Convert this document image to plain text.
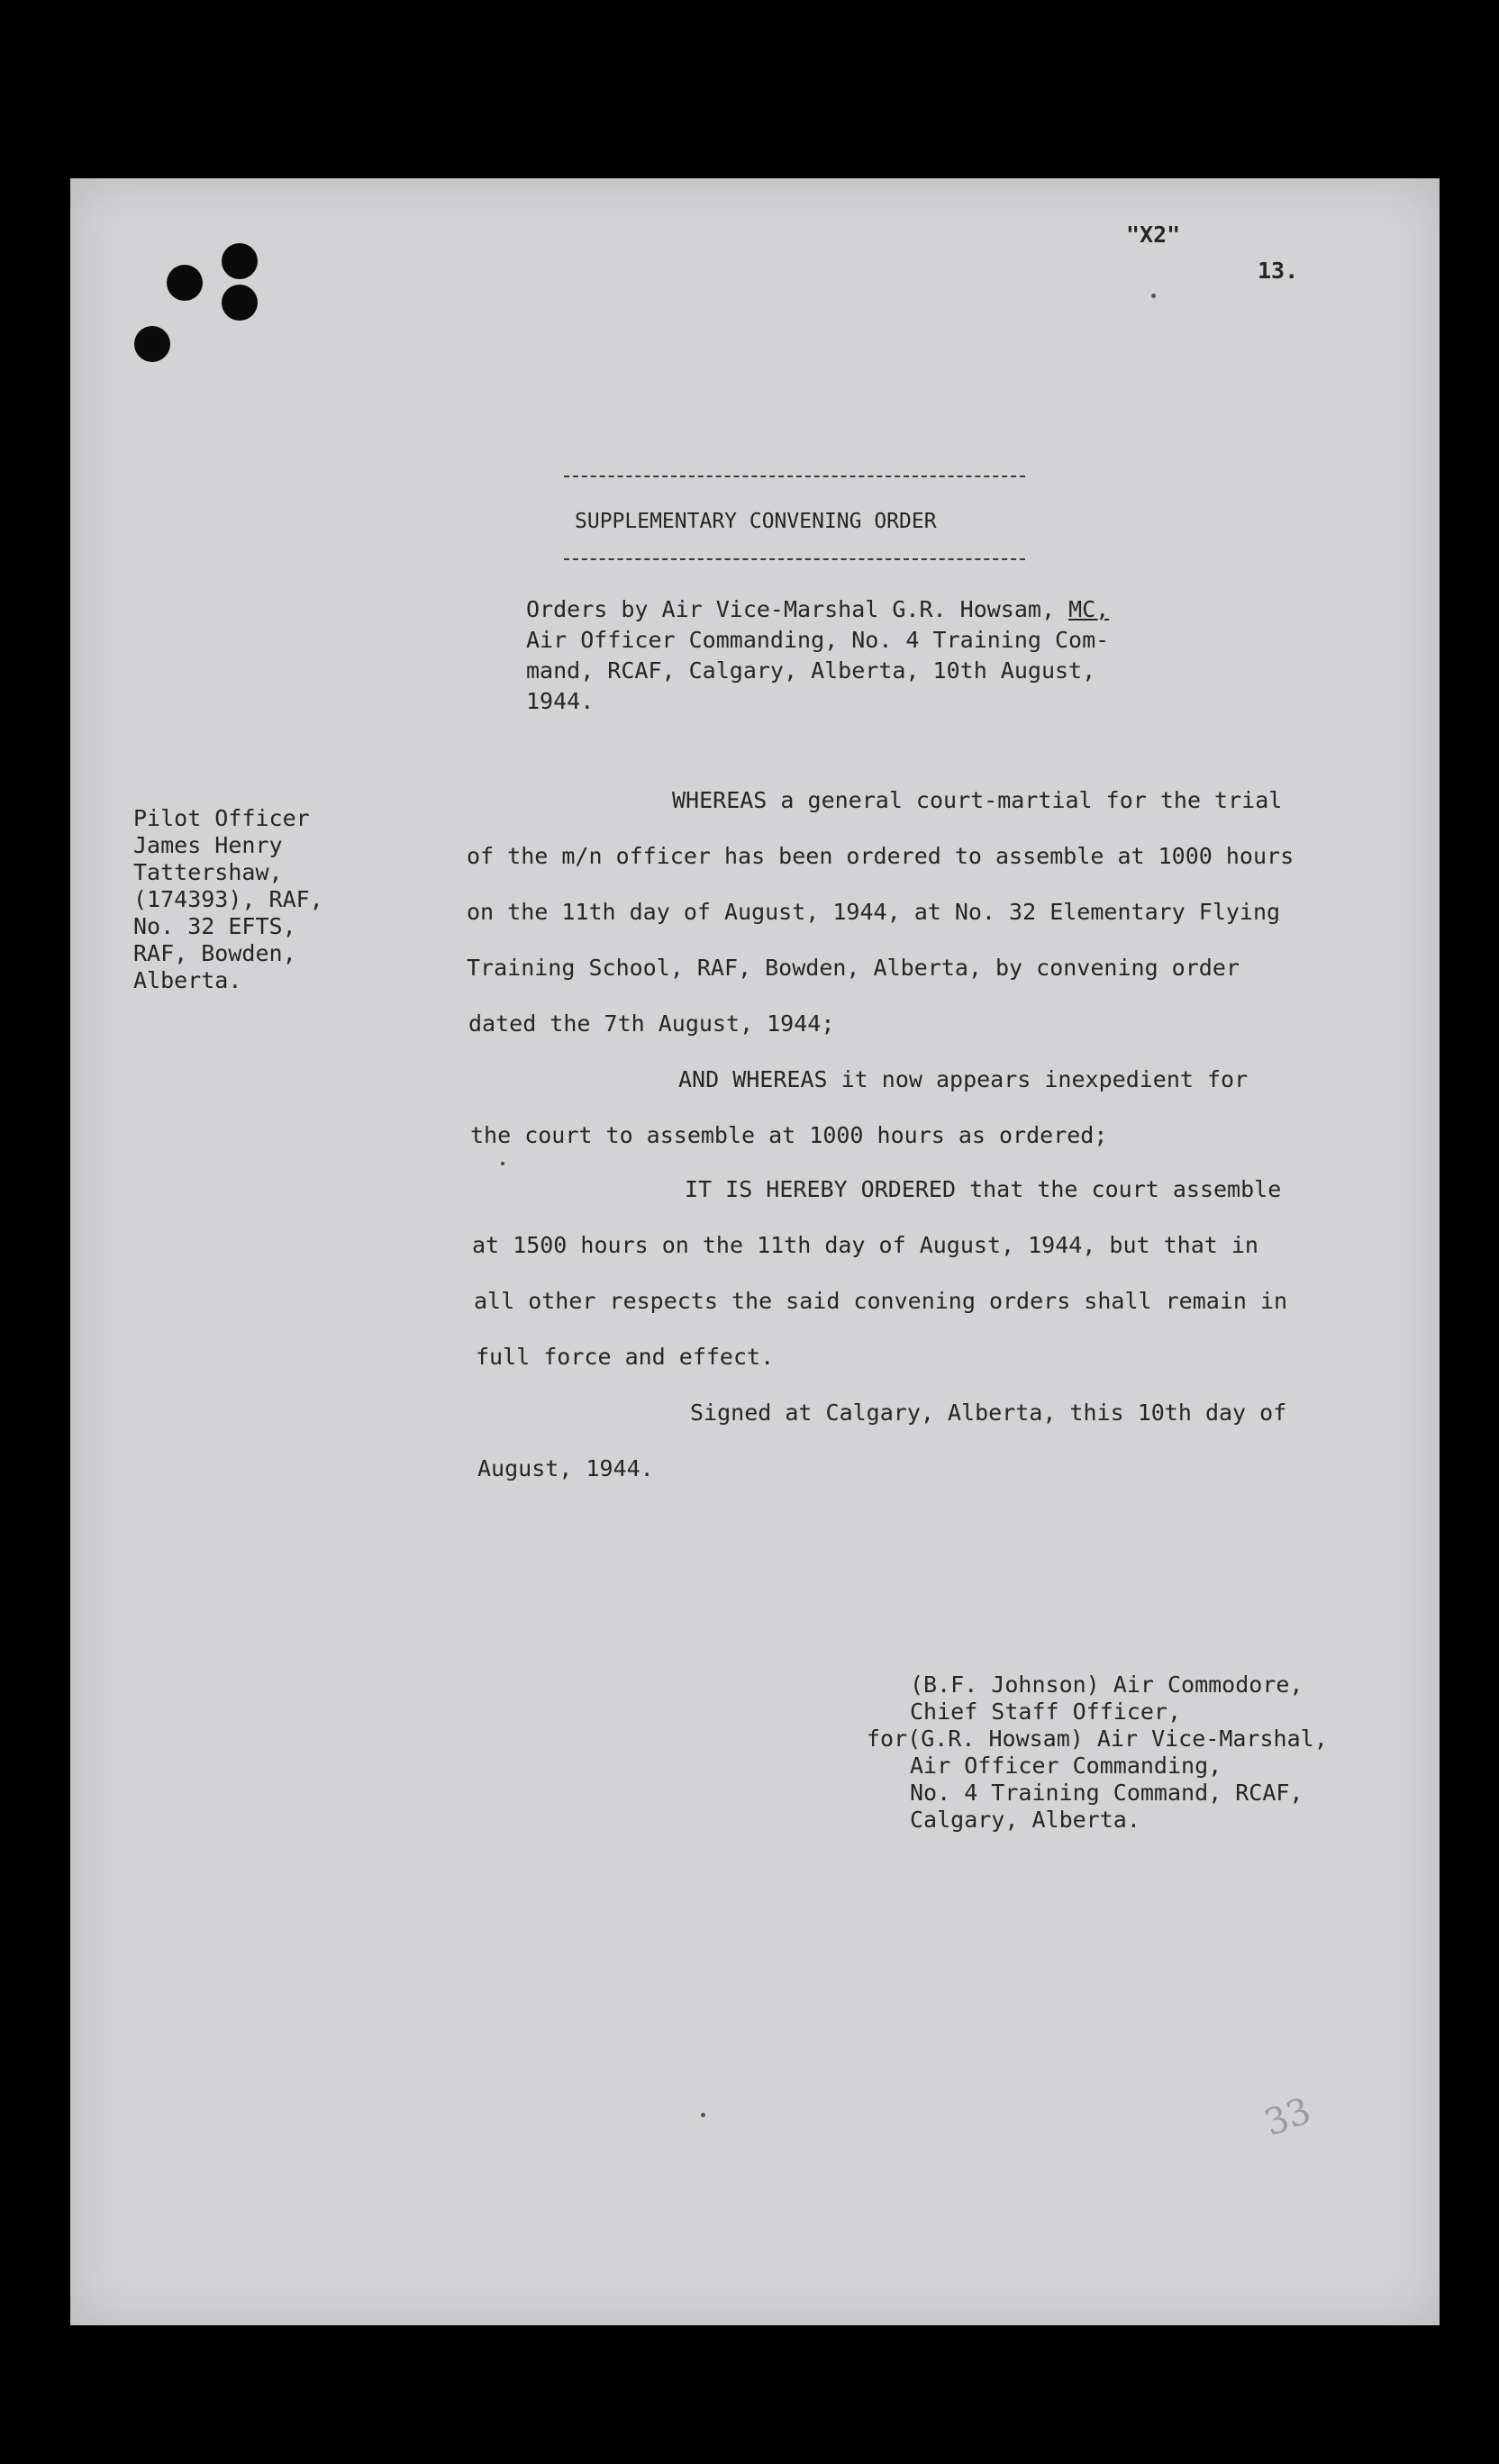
"X2"
13.
SUPPLEMENTARY CONVENING ORDER
Orders by Air Vice-Marshal G.R. Howsam, MC,
Air Officer Commanding, No. 4 Training Com-
mand, RCAF, Calgary, Alberta, 10th August,
1944.
Pilot Officer
James Henry
Tattershaw,
(174393), RAF,
No. 32 EFTS,
RAF, Bowden,
Alberta.
WHEREAS a general court-martial for the trial
of the m/n officer has been ordered to assemble at 1000 hours
on the 11th day of August, 1944, at No. 32 Elementary Flying
Training School, RAF, Bowden, Alberta, by convening order
dated the 7th August, 1944;
AND WHEREAS it now appears inexpedient for
the court to assemble at 1000 hours as ordered;
IT IS HEREBY ORDERED that the court assemble
at 1500 hours on the 11th day of August, 1944, but that in
all other respects the said convening orders shall remain in
full force and effect.
Signed at Calgary, Alberta, this 10th day of
August, 1944.
(B.F. Johnson) Air Commodore,
Chief Staff Officer,
for(G.R. Howsam) Air Vice-Marshal,
Air Officer Commanding,
No. 4 Training Command, RCAF,
Calgary, Alberta.
33
